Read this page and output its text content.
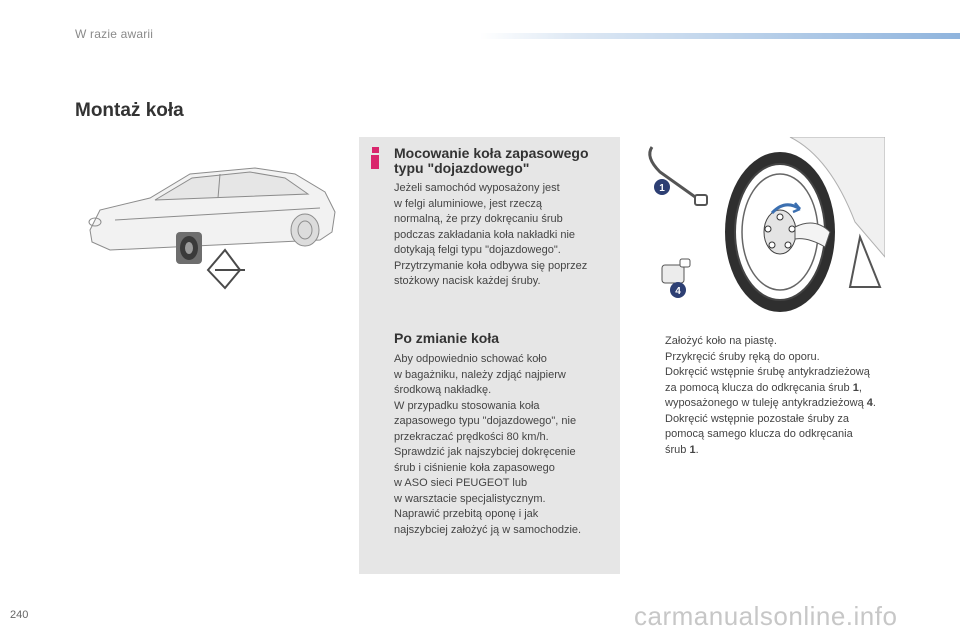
W razie awarii
Montaż koła
Mocowanie koła zapasowego typu "dojazdowego"
Jeżeli samochód wyposażony jest
w felgi aluminiowe, jest rzeczą
normalną, że przy dokręcaniu śrub
podczas zakładania koła nakładki nie
dotykają felgi typu "dojazdowego".
Przytrzymanie koła odbywa się poprzez
stożkowy nacisk każdej śruby.
Po zmianie koła
Aby odpowiednio schować koło
w bagażniku, należy zdjąć najpierw
środkową nakładkę.
W przypadku stosowania koła
zapasowego typu "dojazdowego", nie
przekraczać prędkości 80 km/h.
Sprawdzić jak najszybciej dokręcenie
śrub i ciśnienie koła zapasowego
w ASO sieci PEUGEOT lub
w warsztacie specjalistycznym.
Naprawić przebitą oponę i jak
najszybciej założyć ją w samochodzie.
1
4
Założyć koło na piastę.
Przykręcić śruby ręką do oporu.
Dokręcić wstępnie śrubę antykradzieżową
za pomocą klucza do odkręcania śrub 1,
wyposażonego w tuleję antykradzieżową 4.
Dokręcić wstępnie pozostałe śruby za
pomocą samego klucza do odkręcania
śrub 1.
240	carmanualsonline.info
